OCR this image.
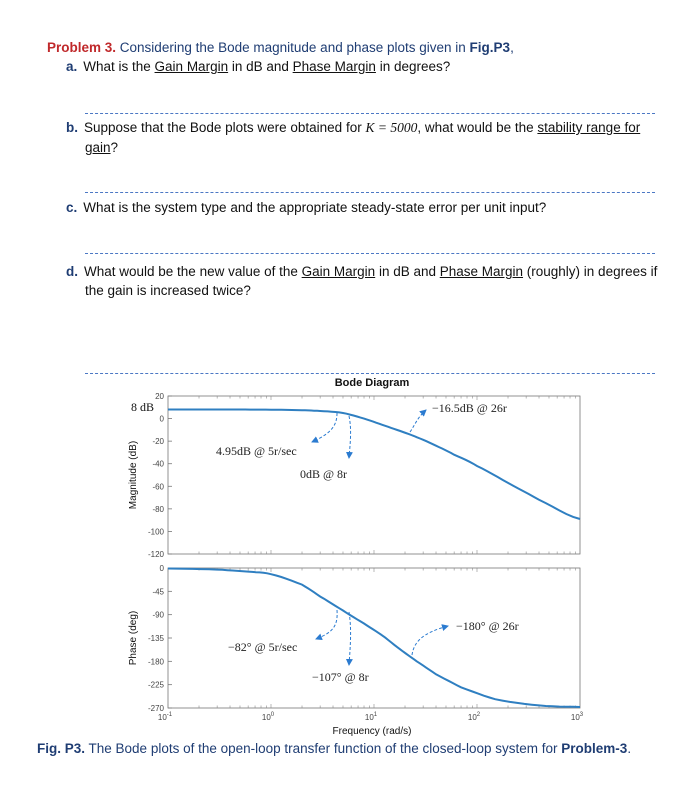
Problem 3. Considering the Bode magnitude and phase plots given in Fig.P3,
a. What is the Gain Margin in dB and Phase Margin in degrees?
b. Suppose that the Bode plots were obtained for K = 5000, what would be the stability range for
gain?
c. What is the system type and the appropriate steady-state error per unit input?
d. What would be the new value of the Gain Margin in dB and Phase Margin (roughly) in degrees if
the gain is increased twice?
Bode Diagram
20
0
-20
-40
-60
-80
-100
-120
0
-45
-90
-135
-180
-225
-270
$10^{-1}$	$10^0$	$10^1$	$10^2$	$10^3$
Magnitude (dB)
Phase (deg)
Frequency (rad/s)
8 dB
4.95dB @ 5r/sec
0dB @ 8r
−16.5dB @ 26r
−82° @ 5r/sec
−107° @ 8r
−180° @ 26r
Fig. P3. The Bode plots of the open-loop transfer function of the closed-loop system for Problem-3.
